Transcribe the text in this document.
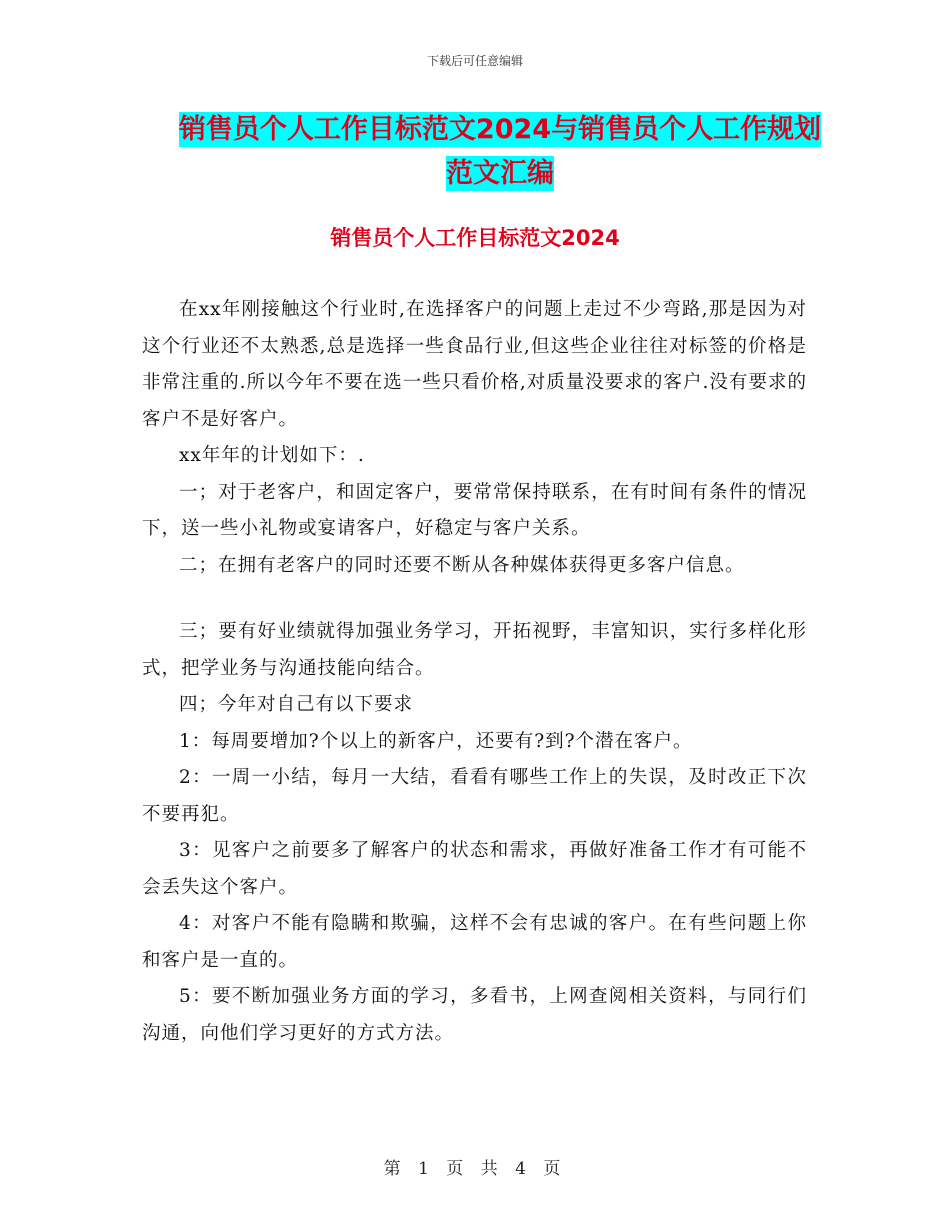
下载后可任意编辑
销售员个人工作目标范文2024与销售员个人工作规划
范文汇编
销售员个人工作目标范文2024

在xx年刚接触这个行业时,在选择客户的问题上走过不少弯路,那是因为对这个行业还不太熟悉,总是选择一些食品行业,但这些企业往往对标签的价格是非常注重的.所以今年不要在选一些只看价格,对质量没要求的客户.没有要求的客户不是好客户。

xx年年的计划如下：.

一；对于老客户，和固定客户，要常常保持联系，在有时间有条件的情况下，送一些小礼物或宴请客户，好稳定与客户关系。

二；在拥有老客户的同时还要不断从各种媒体获得更多客户信息。

三；要有好业绩就得加强业务学习，开拓视野，丰富知识，实行多样化形式，把学业务与沟通技能向结合。

四；今年对自己有以下要求

1：每周要增加?个以上的新客户，还要有?到?个潜在客户。

2：一周一小结，每月一大结，看看有哪些工作上的失误，及时改正下次不要再犯。

3：见客户之前要多了解客户的状态和需求，再做好准备工作才有可能不会丢失这个客户。

4：对客户不能有隐瞒和欺骗，这样不会有忠诚的客户。在有些问题上你和客户是一直的。

5：要不断加强业务方面的学习，多看书，上网查阅相关资料，与同行们沟通，向他们学习更好的方式方法。

第 1 页 共 4 页
